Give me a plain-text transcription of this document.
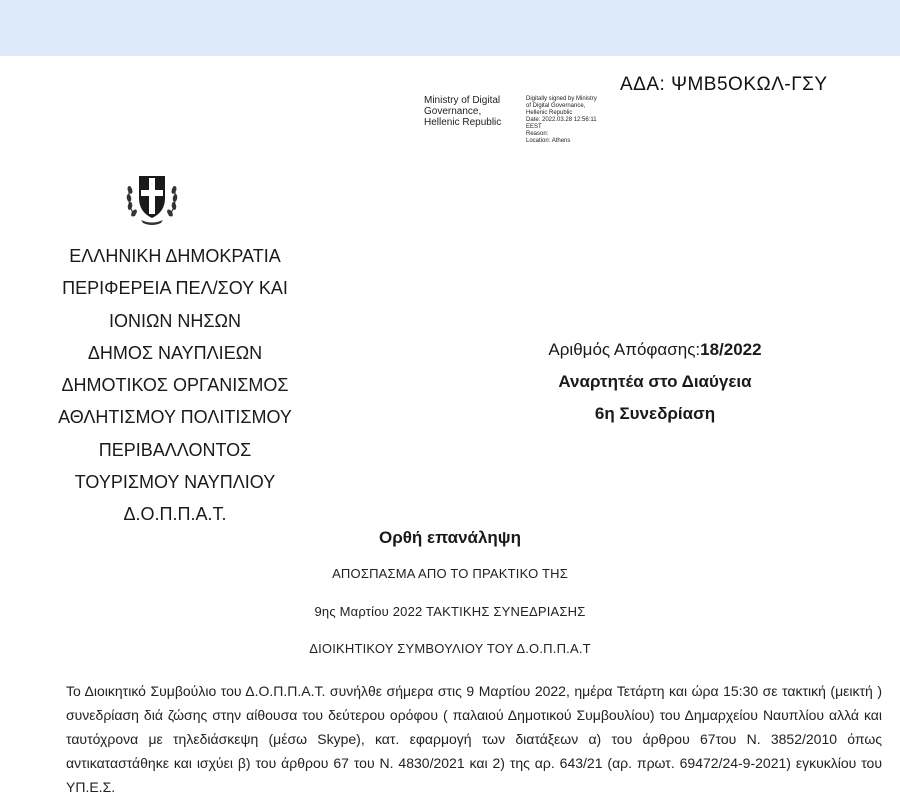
ΑΔΑ: ΨΜΒ5ΟΚΩΛ-ΓΣΥ
Ministry of Digital
Governance,
Hellenic Republic
Digitally signed by Ministry
of Digital Governance,
Hellenic Republic
Date: 2022.03.28 12:56:11
EEST
Reason:
Location: Athens
ΕΛΛΗΝΙΚΗ ΔΗΜΟΚΡΑΤΙΑ
ΠΕΡΙΦΕΡΕΙΑ ΠΕΛ/ΣΟΥ ΚΑΙ
ΙΟΝΙΩΝ ΝΗΣΩΝ
ΔΗΜΟΣ ΝΑΥΠΛΙΕΩΝ
ΔΗΜΟΤΙΚΟΣ ΟΡΓΑΝΙΣΜΟΣ
ΑΘΛΗΤΙΣΜΟΥ ΠΟΛΙΤΙΣΜΟΥ
ΠΕΡΙΒΑΛΛΟΝΤΟΣ
ΤΟΥΡΙΣΜΟΥ ΝΑΥΠΛΙΟΥ
Δ.Ο.Π.Π.Α.Τ.
Αριθμός Απόφασης:18/2022
Αναρτητέα στο Διαύγεια
6η Συνεδρίαση
Ορθή επανάληψη
ΑΠΟΣΠΑΣΜΑ ΑΠΟ ΤΟ ΠΡΑΚΤΙΚΟ ΤΗΣ
9ης Μαρτίου 2022 ΤΑΚΤΙΚΗΣ ΣΥΝΕΔΡΙΑΣΗΣ
ΔΙΟΙΚΗΤΙΚΟΥ ΣΥΜΒΟΥΛΙΟΥ ΤΟΥ Δ.Ο.Π.Π.Α.Τ
Το Διοικητικό Συμβούλιο του Δ.Ο.Π.Π.Α.Τ. συνήλθε σήμερα στις 9 Μαρτίου 2022, ημέρα Τετάρτη και ώρα 15:30 σε τακτική (μεικτή ) συνεδρίαση διά ζώσης στην αίθουσα του δεύτερου ορόφου ( παλαιού Δημοτικού Συμβουλίου) του Δημαρχείου Ναυπλίου αλλά και ταυτόχρονα με τηλεδιάσκεψη (μέσω Skype), κατ. εφαρμογή των διατάξεων α) του άρθρου 67του Ν. 3852/2010 όπως αντικαταστάθηκε και ισχύει β) του άρθρου 67 του Ν. 4830/2021 και 2) της αρ. 643/21 (αρ. πρωτ. 69472/24-9-2021) εγκυκλίου του ΥΠ.Ε.Σ.
